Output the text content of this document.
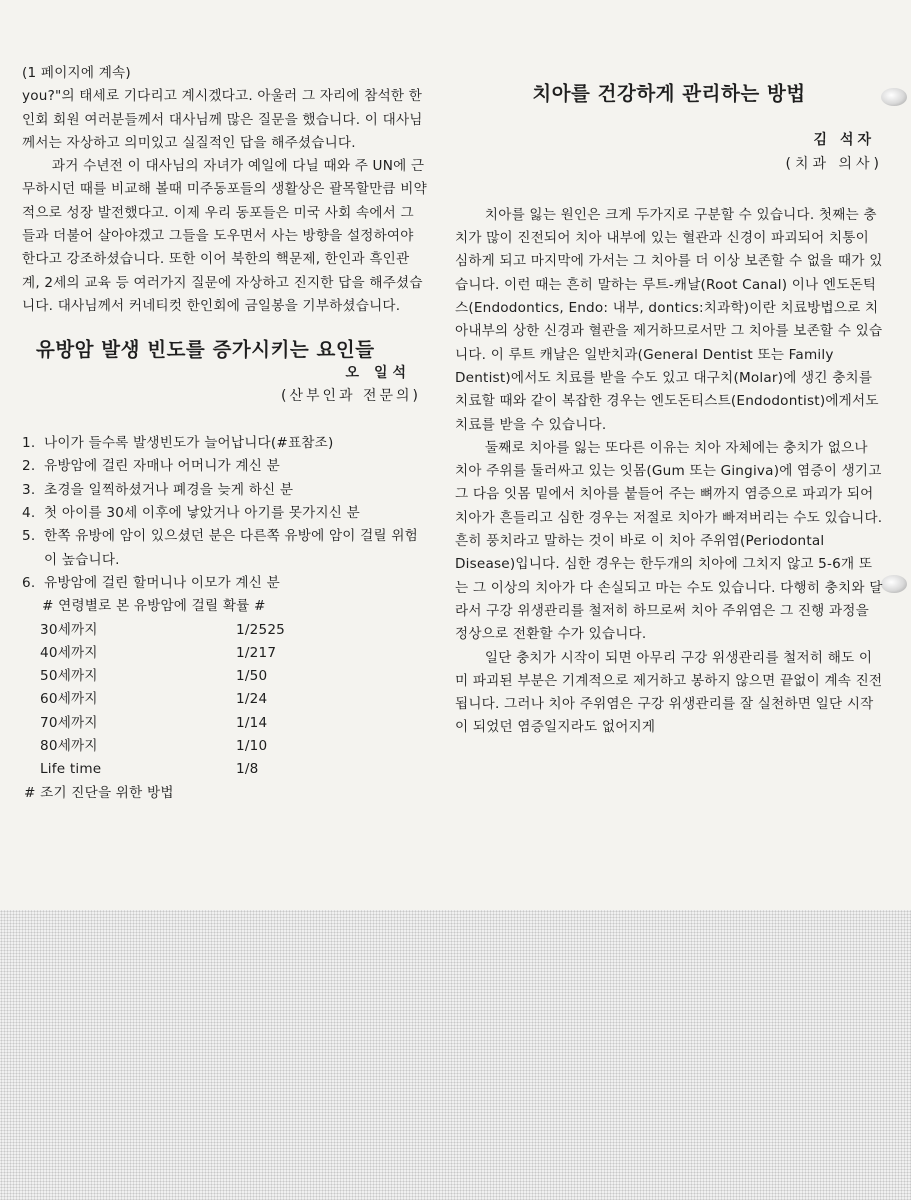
(1 페이지에 계속)

you?"의 태세로 기다리고 계시겠다고. 아울러 그 자리에 참석한 한인회 회원 여러분들께서 대사님께 많은 질문을 했습니다. 이 대사님께서는 자상하고 의미있고 실질적인 답을 해주셨습니다.

과거 수년전 이 대사님의 자녀가 예일에 다닐 때와 주 UN에 근무하시던 때를 비교해 볼때 미주동포들의 생활상은 괄목할만큼 비약적으로 성장 발전했다고. 이제 우리 동포들은 미국 사회 속에서 그들과 더불어 살아야겠고 그들을 도우면서 사는 방향을 설정하여야 한다고 강조하셨습니다. 또한 이어 북한의 핵문제, 한인과 흑인관계, 2세의 교육 등 여러가지 질문에 자상하고 진지한 답을 해주셨습니다. 대사님께서 커네티컷 한인회에 금일봉을 기부하셨습니다.

유방암 발생 빈도를 증가시키는 요인들

오 일석

(산부인과 전문의)

1. 나이가 들수록 발생빈도가 늘어납니다(#표참조)
2. 유방암에 걸린 자매나 어머니가 계신 분
3. 초경을 일찍하셨거나 폐경을 늦게 하신 분
4. 첫 아이를 30세 이후에 낳았거나 아기를 못가지신 분
5. 한쪽 유방에 암이 있으셨던 분은 다른쪽 유방에 암이 걸릴 위험이 높습니다.
6. 유방암에 걸린 할머니나 이모가 계신 분

# 연령별로 본 유방암에 걸릴 확률 #

30세까지	1/2525
40세까지	1/217
50세까지	1/50
60세까지	1/24
70세까지	1/14
80세까지	1/10
Life time	1/8

# 조기 진단을 위한 방법

치아를 건강하게 관리하는 방법

김 석자

(치과 의사)

치아를 잃는 원인은 크게 두가지로 구분할 수 있습니다. 첫째는 충치가 많이 진전되어 치아 내부에 있는 혈관과 신경이 파괴되어 치통이 심하게 되고 마지막에 가서는 그 치아를 더 이상 보존할 수 없을 때가 있습니다. 이런 때는 흔히 말하는 루트-캐날(Root Canal) 이나 엔도돈틱스(Endodontics, Endo: 내부, dontics:치과학)이란 치료방법으로 치아내부의 상한 신경과 혈관을 제거하므로서만 그 치아를 보존할 수 있습니다. 이 루트 캐날은 일반치과(General Dentist 또는 Family Dentist)에서도 치료를 받을 수도 있고 대구치(Molar)에 생긴 충치를 치료할 때와 같이 복잡한 경우는 엔도돈티스트(Endodontist)에게서도 치료를 받을 수 있습니다.

둘째로 치아를 잃는 또다른 이유는 치아 자체에는 충치가 없으나 치아 주위를 둘러싸고 있는 잇몸(Gum 또는 Gingiva)에 염증이 생기고 그 다음 잇몸 밑에서 치아를 붙들어 주는 뼈까지 염증으로 파괴가 되어 치아가 흔들리고 심한 경우는 저절로 치아가 빠져버리는 수도 있습니다. 흔히 풍치라고 말하는 것이 바로 이 치아 주위염(Periodontal Disease)입니다. 심한 경우는 한두개의 치아에 그치지 않고 5-6개 또는 그 이상의 치아가 다 손실되고 마는 수도 있습니다. 다행히 충치와 달라서 구강 위생관리를 철저히 하므로써 치아 주위염은 그 진행 과정을 정상으로 전환할 수가 있습니다.

일단 충치가 시작이 되면 아무리 구강 위생관리를 철저히 해도 이미 파괴된 부분은 기계적으로 제거하고 봉하지 않으면 끝없이 계속 진전됩니다. 그러나 치아 주위염은 구강 위생관리를 잘 실천하면 일단 시작이 되었던 염증일지라도 없어지게
